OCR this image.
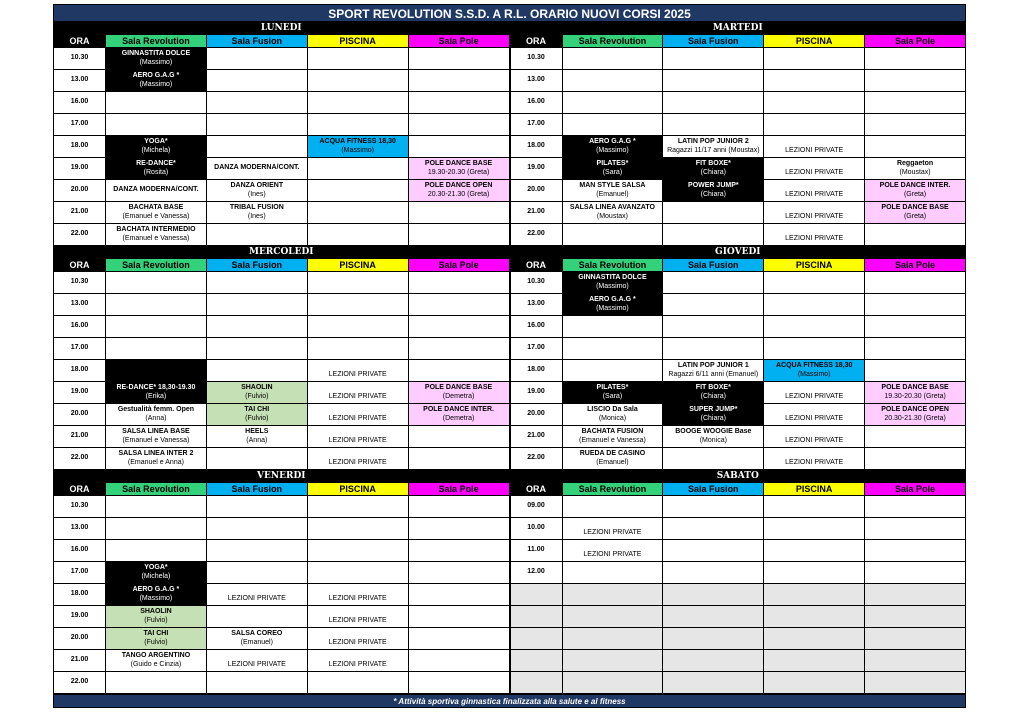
SPORT REVOLUTION S.S.D. A R.L. ORARIO NUOVI CORSI 2025
LUNEDI				
ORA	Sala Revolution	Sala Fusion	PISCINA	Sala Pole
10.30	GINNASTITA DOLCE
(Massimo)			

13.00	AERO G.A.G *
(Massimo)			

16.00				
17.00				
18.00	YOGA*
(Michela)		ACQUA FITNESS 18,30
(Massimo)	

19.00	RE-DANCE*
(Rosita)	DANZA MODERNA/CONT.		POLE DANCE BASE
19.30-20.30 (Greta)

20.00	DANZA MODERNA/CONT.	DANZA ORIENT
(Ines)		POLE DANCE OPEN
20.30-21.30 (Greta)

21.00	BACHATA BASE
(Emanuel e Vanessa)	TRIBAL FUSION
(Ines)		

22.00	BACHATA INTERMEDIO
(Emanuel e Vanessa)			

MARTEDI				
ORA	Sala Revolution	Sala Fusion	PISCINA	Sala Pole
10.30				
13.00				
16.00				
17.00				
18.00	AERO G.A.G *
(Massimo)	LATIN POP JUNIOR 2
Ragazzi 11/17 anni (Moustax)	LEZIONI PRIVATE	

19.00	PILATES*
(Sara)	FIT BOXE*
(Chiara)	LEZIONI PRIVATE	Reggaeton
(Moustax)

20.00	MAN STYLE SALSA
(Emanuel)	POWER JUMP*
(Chiara)	LEZIONI PRIVATE	POLE DANCE INTER.
(Greta)

21.00	SALSA LINEA AVANZATO
(Moustax)		LEZIONI PRIVATE	POLE DANCE BASE
(Greta)

22.00			LEZIONI PRIVATE	

MERCOLEDI				
ORA	Sala Revolution	Sala Fusion	PISCINA	Sala Pole
10.30				
13.00				
16.00				
17.00				
18.00			LEZIONI PRIVATE	

19.00	RE-DANCE* 18,30-19.30
(Erika)	SHAOLIN
(Fulvio)	LEZIONI PRIVATE	POLE DANCE BASE
(Demetra)

20.00	Gestualità femm. Open
(Anna)	TAI CHI
(Fulvio)	LEZIONI PRIVATE	POLE DANCE INTER.
(Demetra)

21.00	SALSA LINEA BASE
(Emanuel e Vanessa)	HEELS
(Anna)	LEZIONI PRIVATE	

22.00	SALSA LINEA INTER 2
(Emanuel e Anna)		LEZIONI PRIVATE	

GIOVEDI				
ORA	Sala Revolution	Sala Fusion	PISCINA	Sala Pole
10.30	GINNASTITA DOLCE
(Massimo)			

13.00	AERO G.A.G *
(Massimo)			

16.00				
17.00				
18.00		LATIN POP JUNIOR 1
Ragazzi 6/11 anni (Emanuel)	ACQUA FITNESS 18,30
(Massimo)	

19.00	PILATES*
(Sara)	FIT BOXE*
(Chiara)	LEZIONI PRIVATE	POLE DANCE BASE
19.30-20.30 (Greta)

20.00	LISCIO Da Sala
(Monica)	SUPER JUMP*
(Chiara)	LEZIONI PRIVATE	POLE DANCE OPEN
20.30-21.30 (Greta)

21.00	BACHATA FUSION
(Emanuel e Vanessa)	BOOGE WOOGIE Base
(Monica)	LEZIONI PRIVATE	

22.00	RUEDA DE CASINO
(Emanuel)		LEZIONI PRIVATE	

VENERDI				
ORA	Sala Revolution	Sala Fusion	PISCINA	Sala Pole
10.30				
13.00				
16.00				
17.00	YOGA*
(Michela)			

18.00	AERO G.A.G *
(Massimo)	LEZIONI PRIVATE	LEZIONI PRIVATE	

19.00	SHAOLIN
(Fulvio)		LEZIONI PRIVATE	

20.00	TAI CHI
(Fulvio)	SALSA COREO
(Emanuel)	LEZIONI PRIVATE	

21.00	TANGO ARGENTINO
(Guido e Cinzia)	LEZIONI PRIVATE	LEZIONI PRIVATE	

22.00				
SABATO				
ORA	Sala Revolution	Sala Fusion	PISCINA	Sala Pole
09.00				
10.00	LEZIONI PRIVATE			

11.00	LEZIONI PRIVATE			

12.00				

* Attività sportiva ginnastica finalizzata alla salute e al fitness
